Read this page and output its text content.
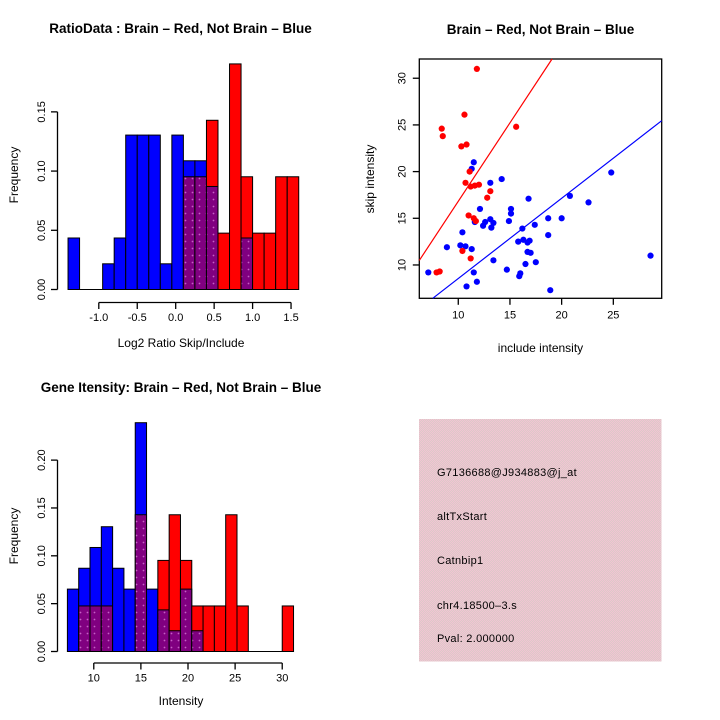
RatioData : Brain – Red, Not Brain – Blue
Log2 Ratio Skip/Include
Frequency
0.00
0.05
0.10
0.15
-1.0 -0.5 0.0 0.5 1.0 1.5
Brain – Red, Not Brain – Blue
include intensity
skip intensity
10	15	20	25
10
15
20
25
30
Gene Itensity: Brain – Red, Not Brain – Blue
Intensity
Frequency
0.00
0.05
0.10
0.15
0.20
10	15	20	25	30
G7136688@J934883@j_at
altTxStart
Catnbip1
chr4.18500–3.s
Pval: 2.000000
